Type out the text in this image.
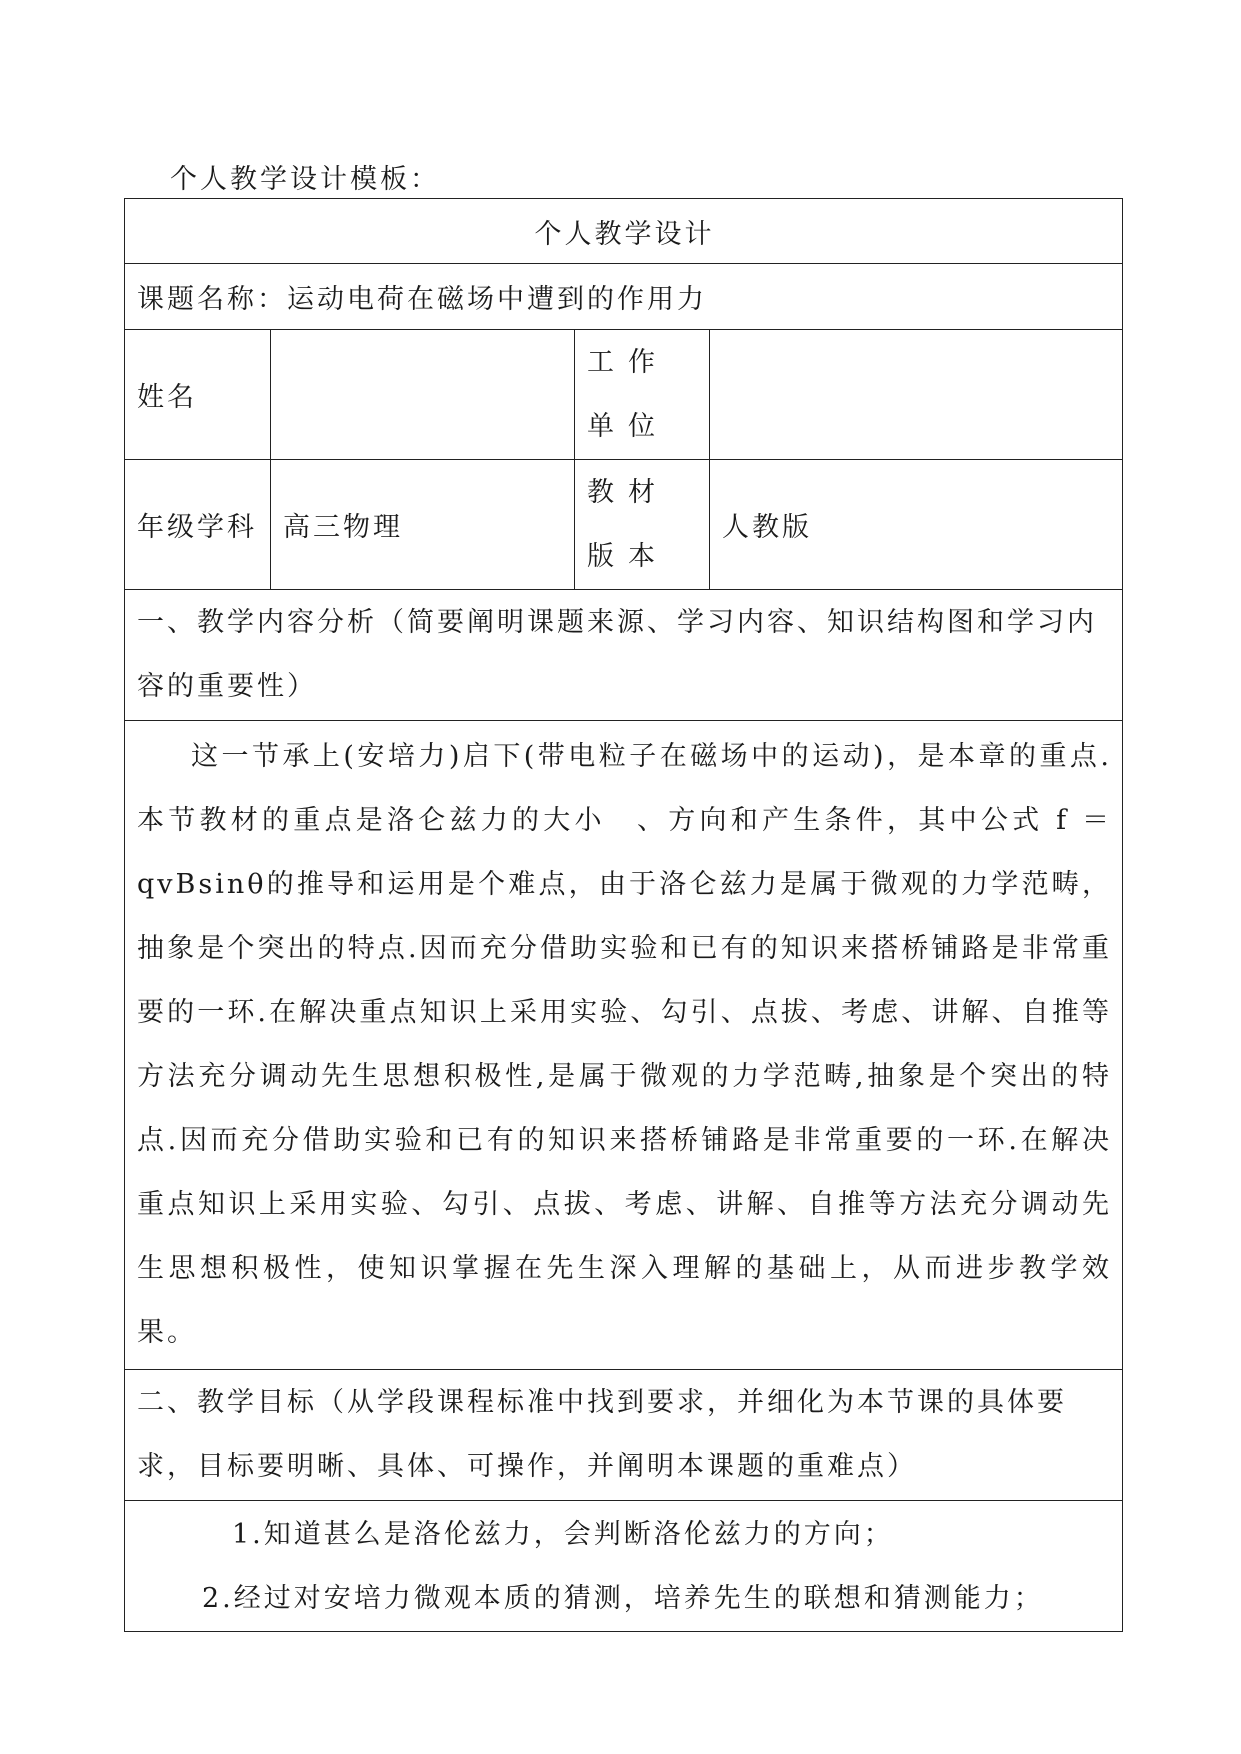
个人教学设计模板：
个人教学设计			
课题名称：运动电荷在磁场中遭到的作用力			
姓名		工作单位	

年级学科	高三物理	教材版本	人教版
一、教学内容分析（简要阐明课题来源、学习内容、知识结构图和学习内容的重要性）			

这一节承上(安培力)启下(带电粒子在磁场中的运动)，是本章的重点.本节教材的重点是洛仑兹力的大小　、方向和产生条件，其中公式 f ＝qvBsinθ的推导和运用是个难点，由于洛仑兹力是属于微观的力学范畴，抽象是个突出的特点.因而充分借助实验和已有的知识来搭桥铺路是非常重要的一环.在解决重点知识上采用实验、勾引、点拔、考虑、讲解、自推等方法充分调动先生思想积极性,是属于微观的力学范畴,抽象是个突出的特点.因而充分借助实验和已有的知识来搭桥铺路是非常重要的一环.在解决重点知识上采用实验、勾引、点拔、考虑、讲解、自推等方法充分调动先生思想积极性，使知识掌握在先生深入理解的基础上，从而进步教学效果。			

二、教学目标（从学段课程标准中找到要求，并细化为本节课的具体要求，目标要明晰、具体、可操作，并阐明本课题的重难点）			

1.知道甚么是洛伦兹力，会判断洛伦兹力的方向；
2.经过对安培力微观本质的猜测，培养先生的联想和猜测能力；			
